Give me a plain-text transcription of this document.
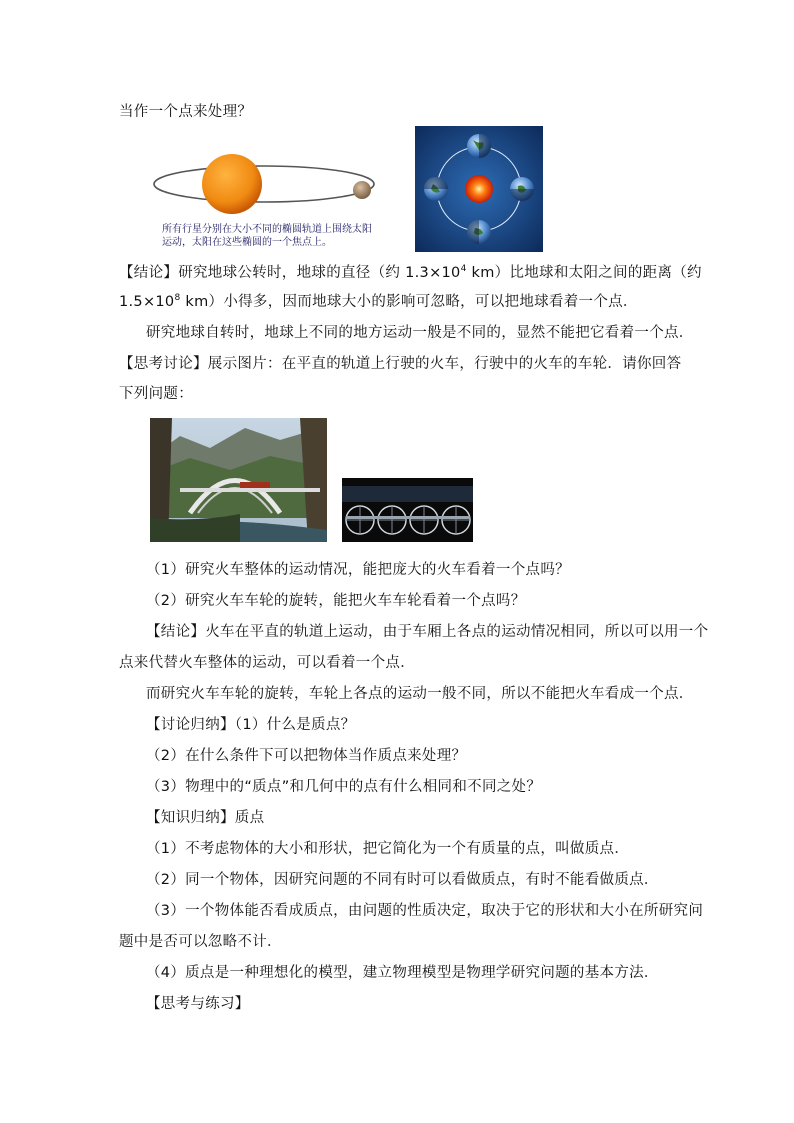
当作一个点来处理？
所有行星分别在大小不同的椭圆轨道上围绕太阳
运动，太阳在这些椭圆的一个焦点上。
【结论】研究地球公转时，地球的直径（约 $1.3\times 10^4$ km）比地球和太阳之间的距离（约
$1.5\times 10^8$ km）小得多，因而地球大小的影响可忽略，可以把地球看着一个点．
研究地球自转时，地球上不同的地方运动一般是不同的，显然不能把它看着一个点．
【思考讨论】展示图片：在平直的轨道上行驶的火车，行驶中的火车的车轮．请你回答
下列问题：
（1）研究火车整体的运动情况，能把庞大的火车看着一个点吗？
（2）研究火车车轮的旋转，能把火车车轮看着一个点吗？
【结论】火车在平直的轨道上运动，由于车厢上各点的运动情况相同，所以可以用一个
点来代替火车整体的运动，可以看着一个点．
而研究火车车轮的旋转，车轮上各点的运动一般不同，所以不能把火车看成一个点．
【讨论归纳】（1）什么是质点？
（2）在什么条件下可以把物体当作质点来处理？
（3）物理中的“质点”和几何中的点有什么相同和不同之处？
【知识归纳】质点
（1）不考虑物体的大小和形状，把它简化为一个有质量的点，叫做质点．
（2）同一个物体，因研究问题的不同有时可以看做质点，有时不能看做质点．
（3）一个物体能否看成质点，由问题的性质决定，取决于它的形状和大小在所研究问
题中是否可以忽略不计．
（4）质点是一种理想化的模型，建立物理模型是物理学研究问题的基本方法．
【思考与练习】
